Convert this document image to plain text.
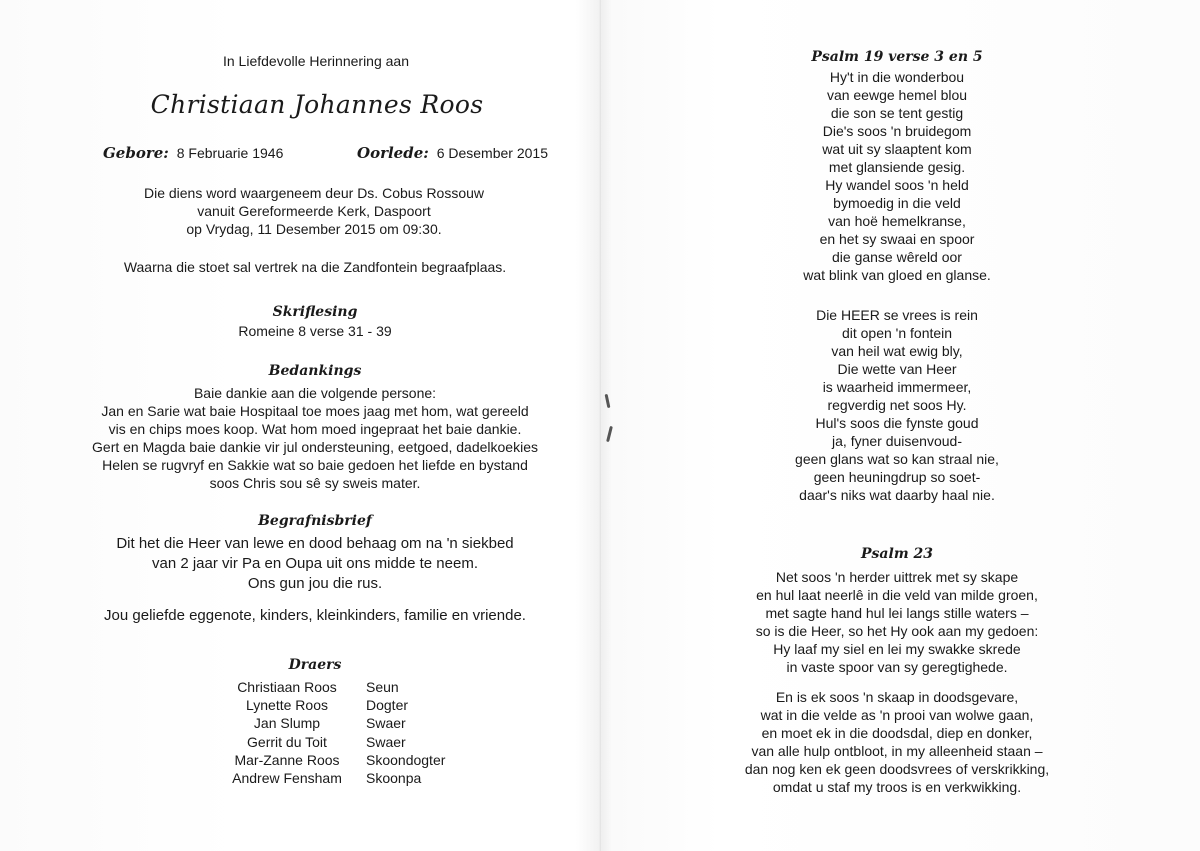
In Liefdevolle Herinnering aan
Christiaan Johannes Roos
Gebore: 8 Februarie 1946	Oorlede: 6 Desember 2015
Die diens word waargeneem deur Ds. Cobus Rossouw
vanuit Gereformeerde Kerk, Daspoort
op Vrydag, 11 Desember 2015 om 09:30.
Waarna die stoet sal vertrek na die Zandfontein begraafplaas.
Skriflesing
Romeine 8 verse 31 - 39
Bedankings
Baie dankie aan die volgende persone:
Jan en Sarie wat baie Hospitaal toe moes jaag met hom, wat gereeld
vis en chips moes koop. Wat hom moed ingepraat het baie dankie.
Gert en Magda baie dankie vir jul ondersteuning, eetgoed, dadelkoekies
Helen se rugvryf en Sakkie wat so baie gedoen het liefde en bystand
soos Chris sou sê sy sweis mater.
Begrafnisbrief
Dit het die Heer van lewe en dood behaag om na 'n siekbed
van 2 jaar vir Pa en Oupa uit ons midde te neem.
Ons gun jou die rus.
Jou geliefde eggenote, kinders, kleinkinders, familie en vriende.
Draers
Christiaan Roos	Seun
Lynette Roos	Dogter
Jan Slump	Swaer
Gerrit du Toit	Swaer
Mar-Zanne Roos	Skoondogter
Andrew Fensham	Skoonpa
Psalm 19 verse 3 en 5
Hy't in die wonderbou
van eewge hemel blou
die son se tent gestig
Die's soos 'n bruidegom
wat uit sy slaaptent kom
met glansiende gesig.
Hy wandel soos 'n held
bymoedig in die veld
van hoë hemelkranse,
en het sy swaai en spoor
die ganse wêreld oor
wat blink van gloed en glanse.
Die HEER se vrees is rein
dit open 'n fontein
van heil wat ewig bly,
Die wette van Heer
is waarheid immermeer,
regverdig net soos Hy.
Hul's soos die fynste goud
ja, fyner duisenvoud-
geen glans wat so kan straal nie,
geen heuningdrup so soet-
daar's niks wat daarby haal nie.
Psalm 23
Net soos 'n herder uittrek met sy skape
en hul laat neerlê in die veld van milde groen,
met sagte hand hul lei langs stille waters –
so is die Heer, so het Hy ook aan my gedoen:
Hy laaf my siel en lei my swakke skrede
in vaste spoor van sy geregtighede.
En is ek soos 'n skaap in doodsgevare,
wat in die velde as 'n prooi van wolwe gaan,
en moet ek in die doodsdal, diep en donker,
van alle hulp ontbloot, in my alleenheid staan –
dan nog ken ek geen doodsvrees of verskrikking,
omdat u staf my troos is en verkwikking.
